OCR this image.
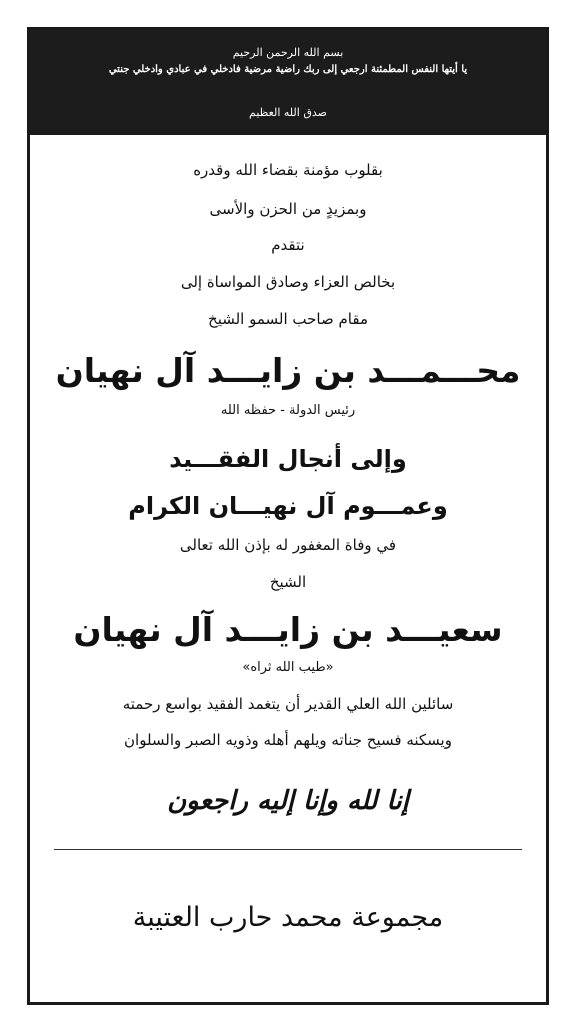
بسم الله الرحمن الرحيم
يا أيتها النفس المطمئنة ارجعي إلى ربك راضية مرضية فادخلي في عبادي وادخلي جنتي
صدق الله العظيم
بقلوب مؤمنة بقضاء الله وقدره
وبمزيدٍ من الحزن والأسى
نتقدم
بخالص العزاء وصادق المواساة إلى
مقام صاحب السمو الشيخ
محـــمـــد بن زايـــد آل نهيان
رئيس الدولة - حفظه الله
وإلى أنجال الفقـــيد
وعمـــوم آل نهيـــان الكرام
في وفاة المغفور له بإذن الله تعالى
الشيخ
سعيـــد بن زايـــد آل نهيان
«طيب الله ثراه»
سائلين الله العلي القدير أن يتغمد الفقيد بواسع رحمته
ويسكنه فسيح جناته ويلهم أهله وذويه الصبر والسلوان
إنا لله وإنا إليه راجعون
مجموعة محمد حارب العتيبة
